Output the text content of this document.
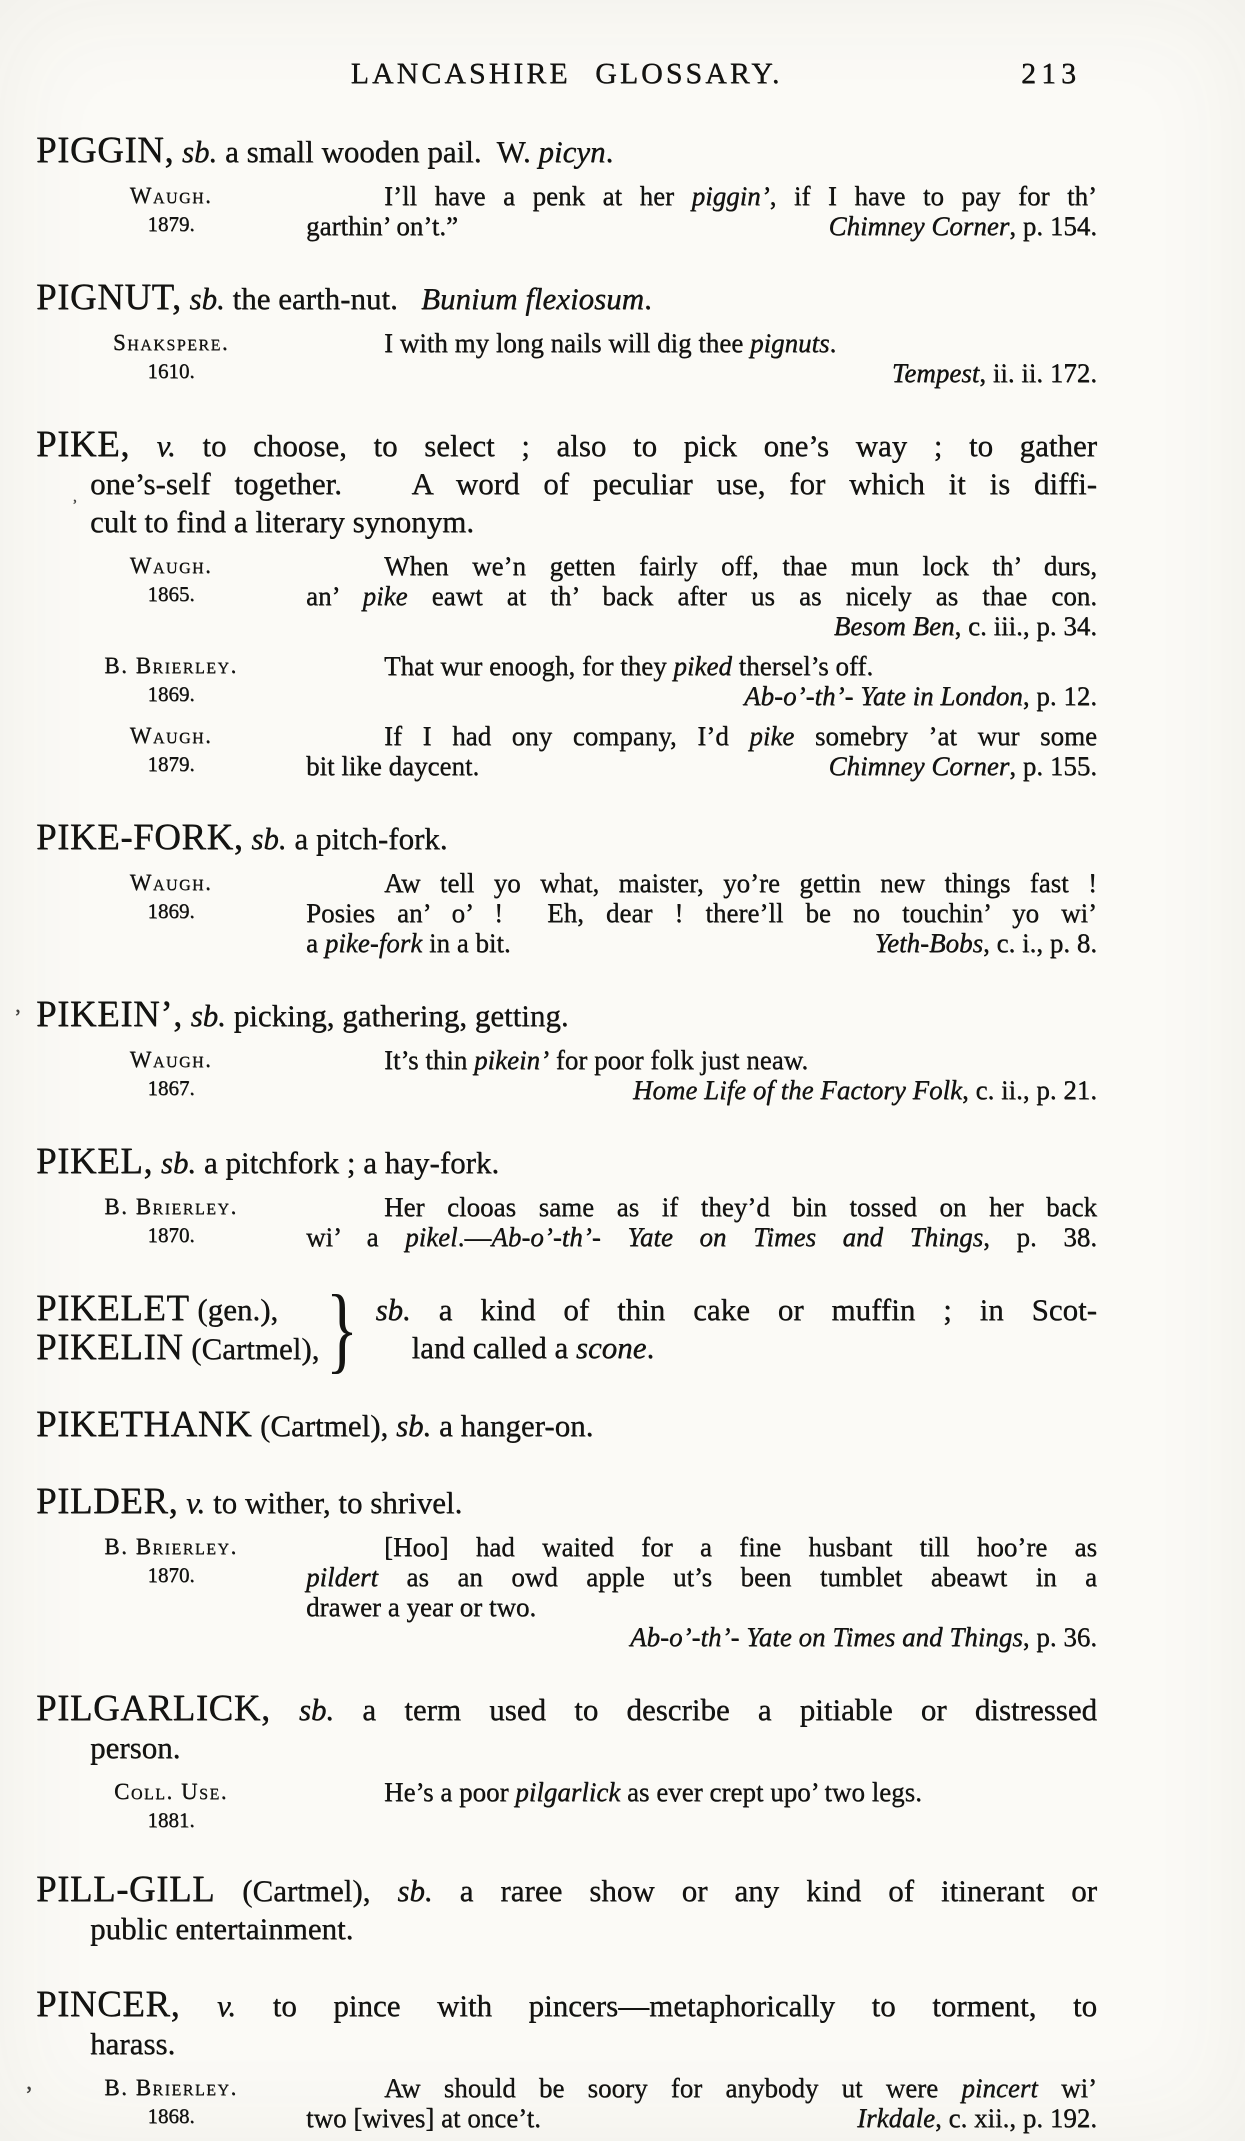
LANCASHIRE GLOSSARY.	213
PIGGIN, sb. a small wooden pail.  W. picyn.
Waugh.
1879.
I’ll have a penk at her piggin’, if I have to pay for th’
garthin’ on’t.”	Chimney Corner, p. 154.
PIGNUT, sb. the earth-nut.   Bunium flexiosum.
Shakspere.
1610.
I with my long nails will dig thee pignuts.
Tempest, ii. ii. 172.
PIKE, v. to choose, to select ; also to pick one’s way ; to gather
one’s-self together.   A word of peculiar use, for which it is diffi-
cult to find a literary synonym.
Waugh.
1865.
When we’n getten fairly off, thae mun lock th’ durs,
an’ pike eawt at th’ back after us as nicely as thae con.
Besom Ben, c. iii., p. 34.
B. Brierley.
1869.
That wur enoogh, for they piked thersel’s off.
Ab-o’-th’- Yate in London, p. 12.
Waugh.
1879.
If I had ony company, I’d pike somebry ’at wur some
bit like daycent.	Chimney Corner, p. 155.
PIKE-FORK, sb. a pitch-fork.
Waugh.
1869.
Aw tell yo what, maister, yo’re gettin new things fast !
Posies an’ o’ !  Eh, dear ! there’ll be no touchin’ yo wi’
a pike-fork in a bit.	Yeth-Bobs, c. i., p. 8.
PIKEIN’, sb. picking, gathering, getting.
Waugh.
1867.
It’s thin pikein’ for poor folk just neaw.
Home Life of the Factory Folk, c. ii., p. 21.
PIKEL, sb. a pitchfork ; a hay-fork.
B. Brierley.
1870.
Her clooas same as if they’d bin tossed on her back
wi’ a pikel.—Ab-o’-th’- Yate on Times and Things, p. 38.
PIKELET (gen.),
PIKELIN (Cartmel), } sb. a kind of thin cake or muffin ; in Scot-
land called a scone.
PIKETHANK (Cartmel), sb. a hanger-on.
PILDER, v. to wither, to shrivel.
B. Brierley.
1870.
[Hoo] had waited for a fine husbant till hoo’re as
pildert as an owd apple ut’s been tumblet abeawt in a
drawer a year or two.
Ab-o’-th’- Yate on Times and Things, p. 36.
PILGARLICK, sb. a term used to describe a pitiable or distressed
person.
Coll. Use.
1881.
He’s a poor pilgarlick as ever crept upo’ two legs.
PILL-GILL (Cartmel), sb. a raree show or any kind of itinerant or
public entertainment.
PINCER, v. to pince with pincers—metaphorically to torment, to
harass.
B. Brierley.
1868.
Aw should be soory for anybody ut were pincert wi’
two [wives] at once’t.	Irkdale, c. xii., p. 192.
‚
’
,
